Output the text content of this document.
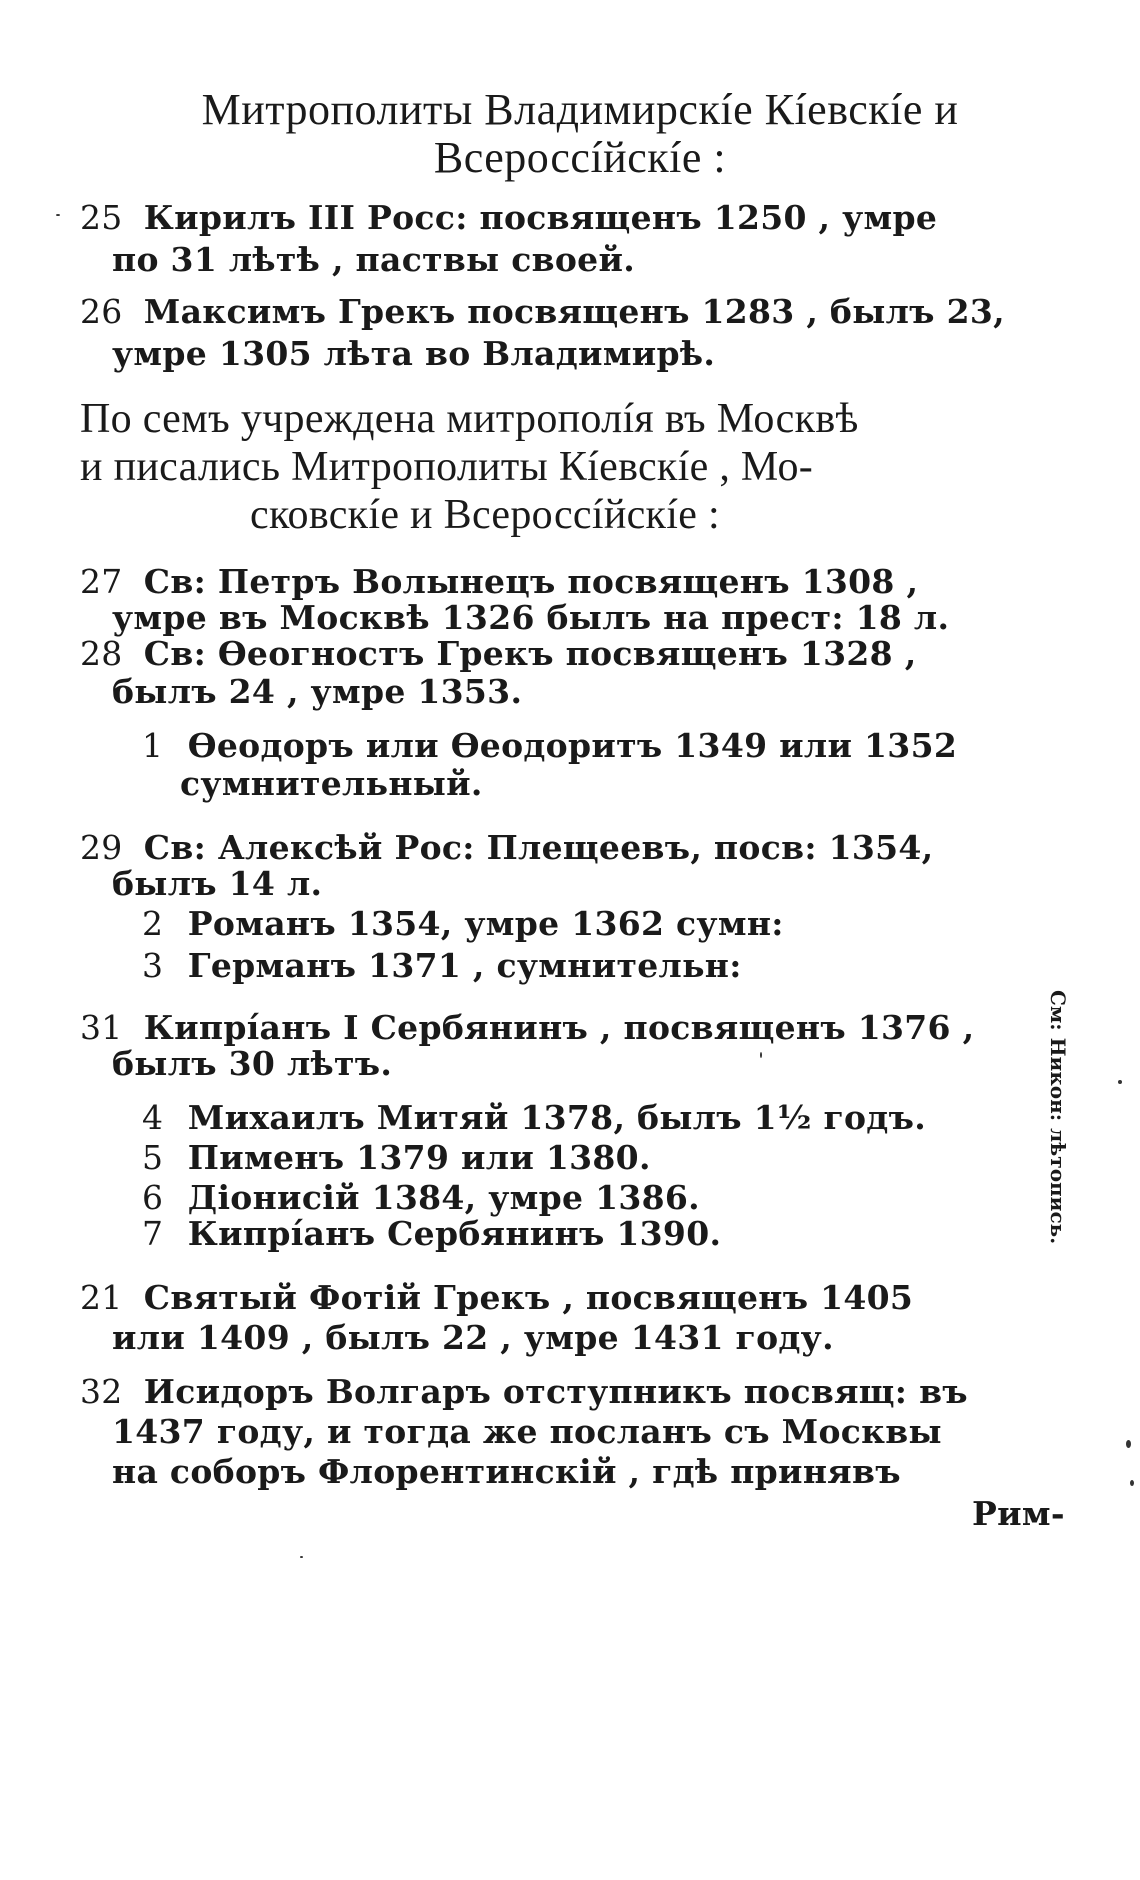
Митрополиты Владимирскíе Кíевскíе и
Всероссíйскíе :
25 Кирилъ III Росс: посвященъ 1250 , умре
по 31 лѣтѣ , паствы своей.
26 Максимъ Грекъ посвященъ 1283 , былъ 23,
умре 1305 лѣта во Владимирѣ.
По семъ учреждена митрополíя въ Москвѣ
и писались Митрополиты Кíевскíе , Мо-
сковскíе и Всероссíйскíе :
27 Св: Петръ Волынецъ посвященъ 1308 ,
умре въ Москвѣ 1326 былъ на прест: 18 л.
28 Св: Ѳеогностъ Грекъ посвященъ 1328 ,
былъ 24 , умре 1353.
1 Ѳеодоръ или Ѳеодоритъ 1349 или 1352
сумнительный.
29 Св: Алексѣй Рос: Плещеевъ, посв: 1354,
былъ 14 л.
2 Романъ 1354, умре 1362 сумн:
3 Германъ 1371 , сумнительн:
См: Никон: лѣтопись.
31 Кипрíанъ I Сербянинъ , посвященъ 1376 ,
былъ 30 лѣтъ.
4 Михаилъ Митяй 1378, былъ 1½ годъ.
5 Пименъ 1379 или 1380.
6 Дiонисiй 1384, умре 1386.
7 Кипрíанъ Сербянинъ 1390.
21 Святый Фотiй Грекъ , посвященъ 1405
или 1409 , былъ 22 , умре 1431 году.
32 Исидоръ Волгаръ отступникъ посвящ: въ
1437 году, и тогда же посланъ съ Москвы
на соборъ Флорентинскiй , гдѣ принявъ
Рим-
